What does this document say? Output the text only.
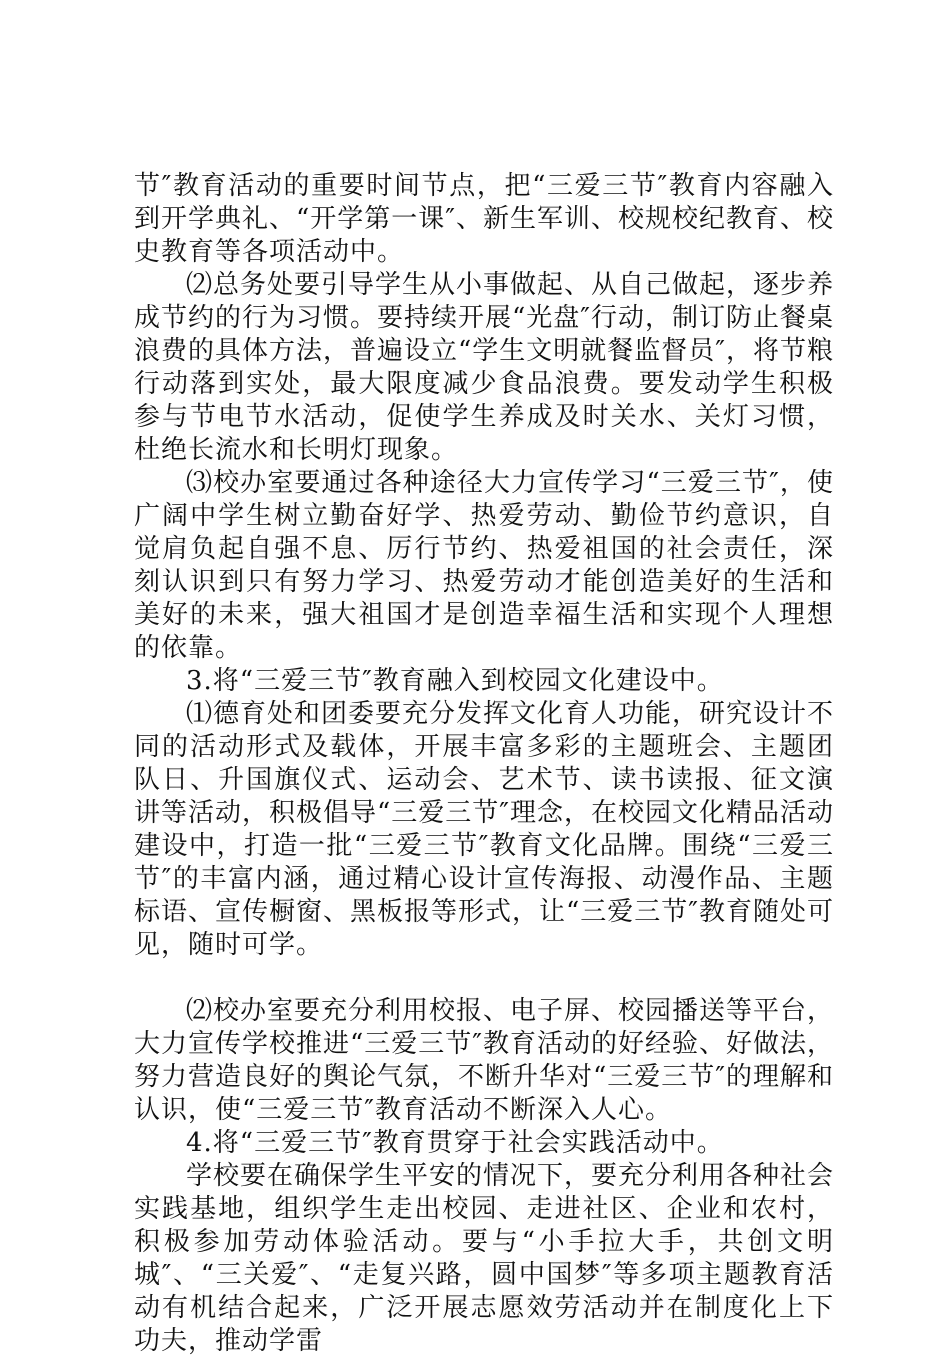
节″教育活动的重要时间节点，把“三爱三节″教育内容融入到开学典礼、“开学第一课″、新生军训、校规校纪教育、校史教育等各项活动中。

⑵总务处要引导学生从小事做起、从自己做起，逐步养成节约的行为习惯。要持续开展“光盘″行动，制订防止餐桌浪费的具体方法，普遍设立“学生文明就餐监督员″，将节粮行动落到实处，最大限度减少食品浪费。要发动学生积极参与节电节水活动，促使学生养成及时关水、关灯习惯，杜绝长流水和长明灯现象。

⑶校办室要通过各种途径大力宣传学习“三爱三节″，使广阔中学生树立勤奋好学、热爱劳动、勤俭节约意识，自觉肩负起自强不息、厉行节约、热爱祖国的社会责任，深刻认识到只有努力学习、热爱劳动才能创造美好的生活和美好的未来，强大祖国才是创造幸福生活和实现个人理想的依靠。

3.将“三爱三节″教育融入到校园文化建设中。

⑴德育处和团委要充分发挥文化育人功能，研究设计不同的活动形式及载体，开展丰富多彩的主题班会、主题团队日、升国旗仪式、运动会、艺术节、读书读报、征文演讲等活动，积极倡导“三爱三节″理念，在校园文化精品活动建设中，打造一批“三爱三节″教育文化品牌。围绕“三爱三节″的丰富内涵，通过精心设计宣传海报、动漫作品、主题标语、宣传橱窗、黑板报等形式，让“三爱三节″教育随处可见，随时可学。

⑵校办室要充分利用校报、电子屏、校园播送等平台，大力宣传学校推进“三爱三节″教育活动的好经验、好做法，努力营造良好的舆论气氛，不断升华对“三爱三节″的理解和认识，使“三爱三节″教育活动不断深入人心。

4.将“三爱三节″教育贯穿于社会实践活动中。

学校要在确保学生平安的情况下，要充分利用各种社会实践基地，组织学生走出校园、走进社区、企业和农村，积极参加劳动体验活动。要与“小手拉大手，共创文明城″、“三关爱″、“走复兴路，圆中国梦″等多项主题教育活动有机结合起来，广泛开展志愿效劳活动并在制度化上下功夫，推动学雷
